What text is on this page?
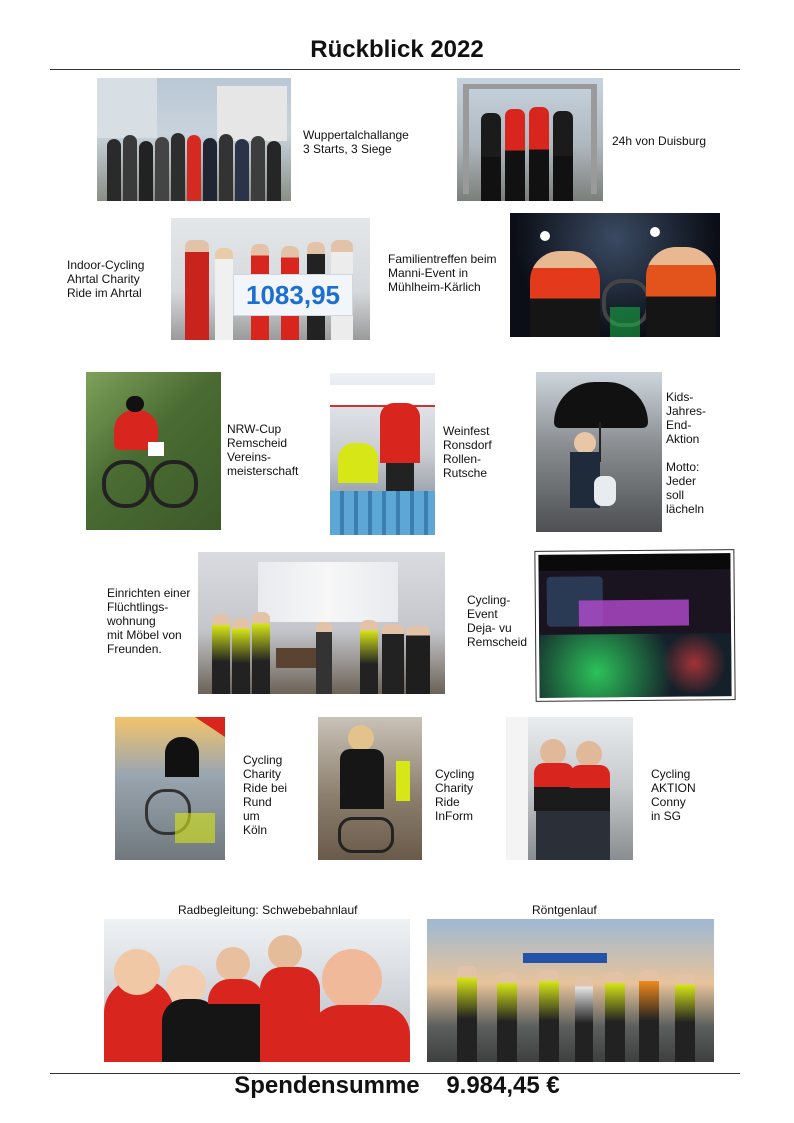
Rückblick 2022
Wuppertalchallange
3 Starts, 3 Siege
24h von Duisburg
Indoor-Cycling
Ahrtal Charity
Ride im Ahrtal	1083,95
Familientreffen beim
Manni-Event in
Mühlheim-Kärlich
NRW-Cup
Remscheid
Vereins-
meisterschaft
Weinfest
Ronsdorf
Rollen-
Rutsche
Kids-
Jahres-
End-
Aktion

Motto:
Jeder
soll
lächeln
Einrichten einer
Flüchtlings-
wohnung
mit Möbel von
Freunden.
Cycling-
Event
Deja- vu
Remscheid
Cycling
Charity
Ride bei
Rund
um
Köln
Cycling
Charity
Ride
InForm
Cycling
AKTION
Conny
in SG
Radbegleitung: Schwebebahnlauf	Röntgenlauf
Spendensumme 9.984,45 €
